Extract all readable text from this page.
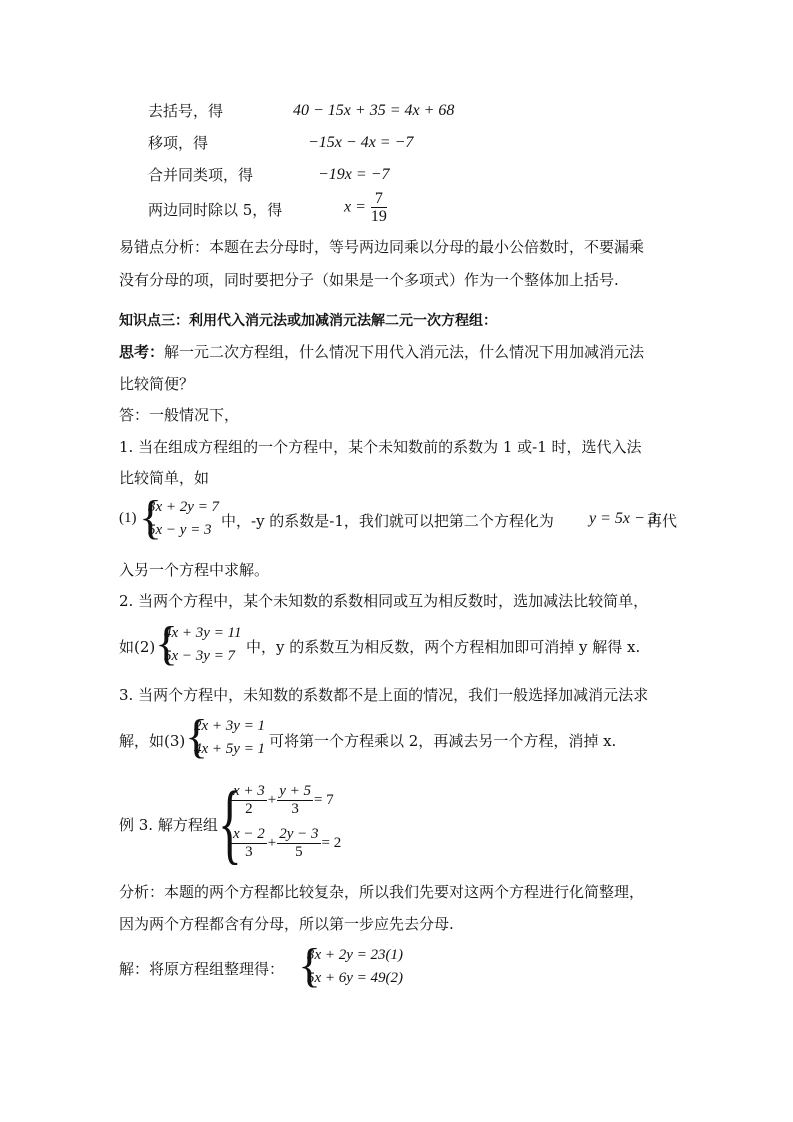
去括号，得	40 − 15x + 35 = 4x + 68
移项，得	−15x − 4x = −7
合并同类项，得	−19x = −7
两边同时除以 5，得	$x = \frac{7}{19}$
易错点分析：本题在去分母时，等号两边同乘以分母的最小公倍数时，不要漏乘
没有分母的项，同时要把分子（如果是一个多项式）作为一个整体加上括号.
知识点三：利用代入消元法或加减消元法解二元一次方程组：
思考：解一元二次方程组，什么情况下用代入消元法，什么情况下用加减消元法
比较简便？
答：一般情况下，
1. 当在组成方程组的一个方程中，某个未知数前的系数为 1 或-1 时，选代入法
比较简单，如
(1) {
3x + 2y = 7
5x − y = 3 中，-y 的系数是-1，我们就可以把第二个方程化为 y = 5x − 3
再代
入另一个方程中求解。
2. 当两个方程中，某个未知数的系数相同或互为相反数时，选加减法比较简单，
如(2) {
4x + 3y = 11
5x − 3y = 7 中，y 的系数互为相反数，两个方程相加即可消掉 y 解得 x.
3. 当两个方程中，未知数的系数都不是上面的情况，我们一般选择加减消元法求
解，如(3) {
2x + 3y = 1
4x + 5y = 1 可将第一个方程乘以 2，再减去另一个方程，消掉 x.
例 3. 解方程组 {
$\frac{x + 3}{2} + \frac{y + 5}{3} = 7$
$\frac{x - 2}{3} + \frac{2y - 3}{5} = 2$
分析：本题的两个方程都比较复杂，所以我们先要对这两个方程进行化简整理，
因为两个方程都含有分母，所以第一步应先去分母.
解：将原方程组整理得： {
3x + 2y = 23(1)
5x + 6y = 49(2)
